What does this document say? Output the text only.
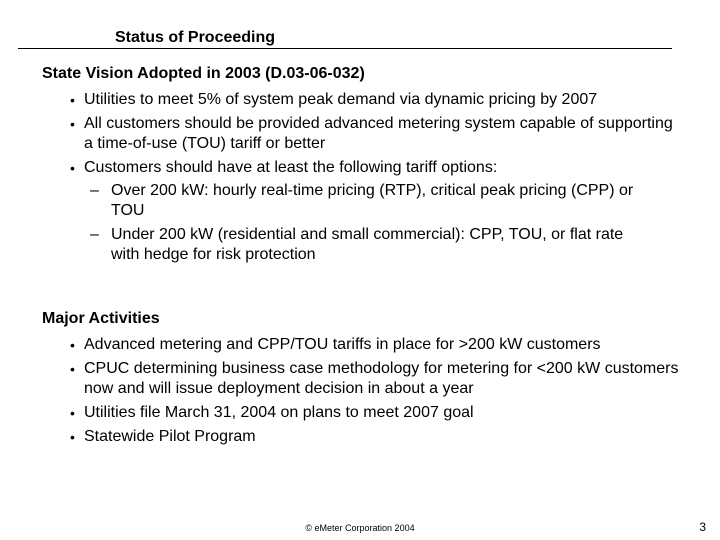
Status of Proceeding
State Vision Adopted in 2003 (D.03-06-032)
• Utilities to meet 5% of system peak demand via dynamic pricing by 2007
• All customers should be provided advanced metering system capable of supporting a time-of-use (TOU) tariff or better
• Customers should have at least the following tariff options:
– Over 200 kW: hourly real-time pricing (RTP), critical peak pricing (CPP) or TOU
– Under 200 kW (residential and small commercial): CPP, TOU, or flat rate with hedge for risk protection
Major Activities
• Advanced metering and CPP/TOU tariffs in place for >200 kW customers
• CPUC determining business case methodology for metering for <200 kW customers now and will issue deployment decision in about a year
• Utilities file March 31, 2004 on plans to meet 2007 goal
• Statewide Pilot Program
© eMeter Corporation 2004	3
